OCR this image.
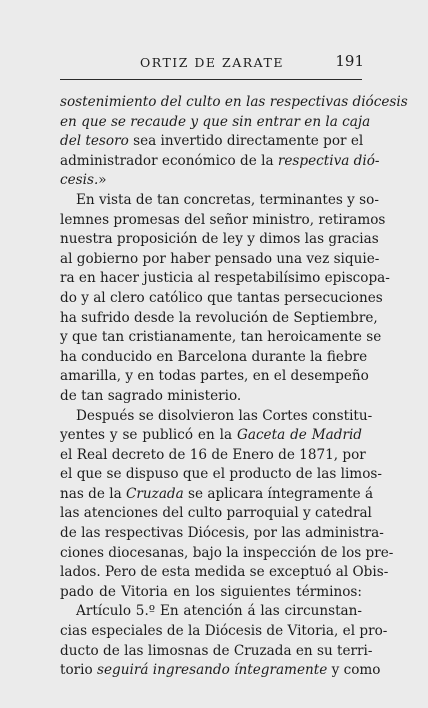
ORTIZ DE ZARATE	191
sostenimiento del culto en las respectivas diócesis
en que se recaude y que sin entrar en la caja
del tesoro sea invertido directamente por el
administrador económico de la respectiva dió-
cesis.»
En vista de tan concretas, terminantes y so-
lemnes promesas del señor ministro, retiramos
nuestra proposición de ley y dimos las gracias
al gobierno por haber pensado una vez siquie-
ra en hacer justicia al respetabilísimo episcopa-
do y al clero católico que tantas persecuciones
ha sufrido desde la revolución de Septiembre,
y que tan cristianamente, tan heroicamente se
ha conducido en Barcelona durante la fiebre
amarilla, y en todas partes, en el desempeño
de tan sagrado ministerio.
Después se disolvieron las Cortes constitu-
yentes y se publicó en la Gaceta de Madrid
el Real decreto de 16 de Enero de 1871, por
el que se dispuso que el producto de las limos-
nas de la Cruzada se aplicara íntegramente á
las atenciones del culto parroquial y catedral
de las respectivas Diócesis, por las administra-
ciones diocesanas, bajo la inspección de los pre-
lados. Pero de esta medida se exceptuó al Obis-
pado de Vitoria en los siguientes términos:
Artículo 5.º En atención á las circunstan-
cias especiales de la Diócesis de Vitoria, el pro-
ducto de las limosnas de Cruzada en su terri-
torio seguirá ingresando íntegramente y como
